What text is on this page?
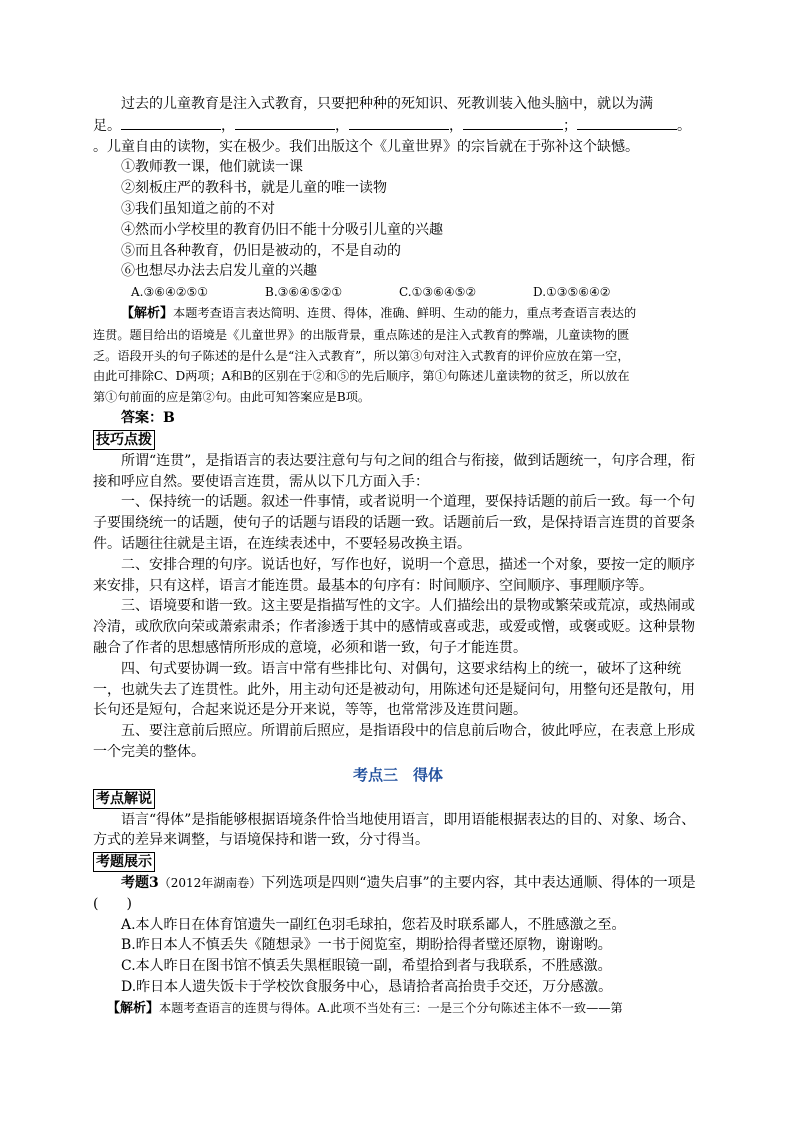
过去的儿童教育是注入式教育，只要把种种的死知识、死教训装入他头脑中，就以为满

足。	，	，	，	；	。

。儿童自由的读物，实在极少。我们出版这个《儿童世界》的宗旨就在于弥补这个缺憾。

①教师教一课，他们就读一课

②刻板庄严的教科书，就是儿童的唯一读物

③我们虽知道之前的不对

④然而小学校里的教育仍旧不能十分吸引儿童的兴趣

⑤而且各种教育，仍旧是被动的，不是自动的

⑥也想尽办法去启发儿童的兴趣

A.③⑥④②⑤①	B.③⑥④⑤②①	C.①③⑥④⑤②	D.①③⑤⑥④②

【解析】本题考查语言表达简明、连贯、得体，准确、鲜明、生动的能力，重点考查语言表达的

连贯。题目给出的语境是《儿童世界》的出版背景，重点陈述的是注入式教育的弊端，儿童读物的匮

乏。语段开头的句子陈述的是什么是“注入式教育”，所以第③句对注入式教育的评价应放在第一空，

由此可排除C、D两项；A和B的区别在于②和⑤的先后顺序，第①句陈述儿童读物的贫乏，所以放在

第①句前面的应是第②句。由此可知答案应是B项。

答案：B

技巧点拨

所谓“连贯”，是指语言的表达要注意句与句之间的组合与衔接，做到话题统一，句序合理，衔接和呼应自然。要使语言连贯，需从以下几方面入手：

一、保持统一的话题。叙述一件事情，或者说明一个道理，要保持话题的前后一致。每一个句子要围绕统一的话题，使句子的话题与语段的话题一致。话题前后一致，是保持语言连贯的首要条件。话题往往就是主语，在连续表述中，不要轻易改换主语。

二、安排合理的句序。说话也好，写作也好，说明一个意思，描述一个对象，要按一定的顺序来安排，只有这样，语言才能连贯。最基本的句序有：时间顺序、空间顺序、事理顺序等。

三、语境要和谐一致。这主要是指描写性的文字。人们描绘出的景物或繁荣或荒凉，或热闹或冷清，或欣欣向荣或萧索肃杀；作者渗透于其中的感情或喜或悲，或爱或憎，或褒或贬。这种景物融合了作者的思想感情所形成的意境，必须和谐一致，句子才能连贯。

四、句式要协调一致。语言中常有些排比句、对偶句，这要求结构上的统一，破坏了这种统一，也就失去了连贯性。此外，用主动句还是被动句，用陈述句还是疑问句，用整句还是散句，用长句还是短句，合起来说还是分开来说，等等，也常常涉及连贯问题。

五、要注意前后照应。所谓前后照应，是指语段中的信息前后吻合，彼此呼应，在表意上形成一个完美的整体。

考点三　得体

考点解说

语言“得体”是指能够根据语境条件恰当地使用语言，即用语能根据表达的目的、对象、场合、方式的差异来调整，与语境保持和谐一致，分寸得当。

考题展示

考题3（2012年湖南卷）下列选项是四则“遗失启事”的主要内容，其中表达通顺、得体的一项是　(　　)

A.本人昨日在体育馆遗失一副红色羽毛球拍，您若及时联系鄙人，不胜感激之至。

B.昨日本人不慎丢失《随想录》一书于阅览室，期盼拾得者璧还原物，谢谢哟。

C.本人昨日在图书馆不慎丢失黑框眼镜一副，希望拾到者与我联系，不胜感激。

D.昨日本人遗失饭卡于学校饮食服务中心，恳请拾者高抬贵手交还，万分感激。

【解析】本题考查语言的连贯与得体。A.此项不当处有三：一是三个分句陈述主体不一致——第
